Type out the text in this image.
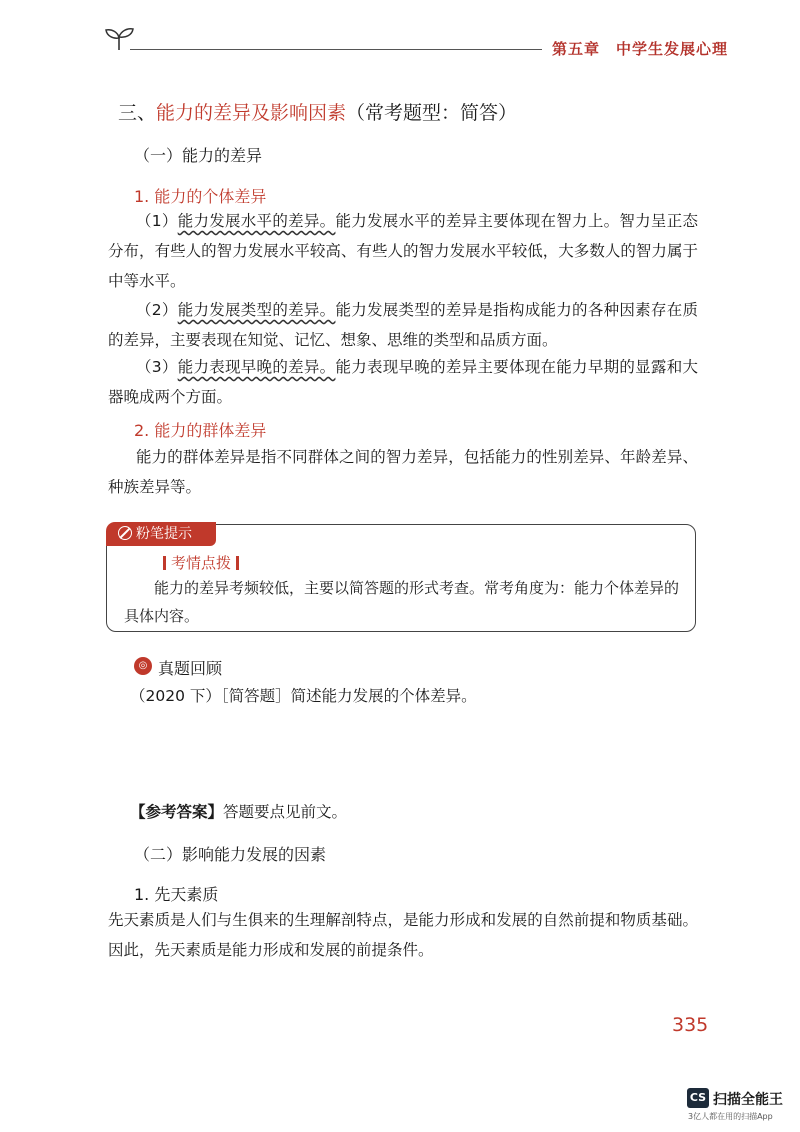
第五章　中学生发展心理
三、能力的差异及影响因素（常考题型：简答）
（一）能力的差异
1. 能力的个体差异
（1）能力发展水平的差异。能力发展水平的差异主要体现在智力上。智力呈正态分布，有些人的智力发展水平较高、有些人的智力发展水平较低，大多数人的智力属于中等水平。
（2）能力发展类型的差异。能力发展类型的差异是指构成能力的各种因素存在质的差异，主要表现在知觉、记忆、想象、思维的类型和品质方面。
（3）能力表现早晚的差异。能力表现早晚的差异主要体现在能力早期的显露和大器晚成两个方面。
2. 能力的群体差异
能力的群体差异是指不同群体之间的智力差异，包括能力的性别差异、年龄差异、种族差异等。
粉笔提示
考情点拨
能力的差异考频较低，主要以简答题的形式考查。常考角度为：能力个体差异的具体内容。
◎ 真题回顾
（2020 下）［简答题］简述能力发展的个体差异。
【参考答案】答题要点见前文。
（二）影响能力发展的因素
1. 先天素质
先天素质是人们与生俱来的生理解剖特点，是能力形成和发展的自然前提和物质基础。因此，先天素质是能力形成和发展的前提条件。
335
CS 扫描全能王
3亿人都在用的扫描App
